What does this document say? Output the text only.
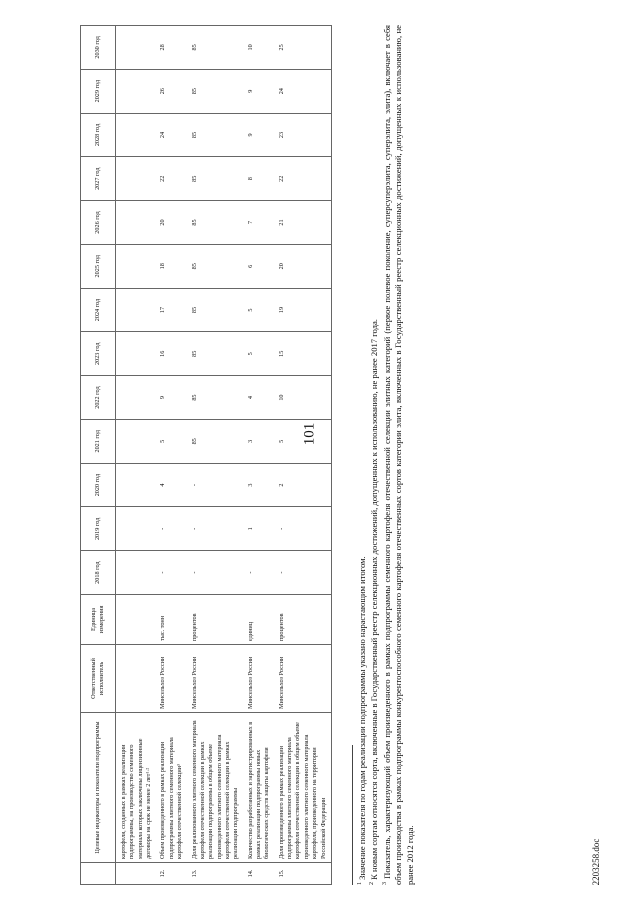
101
2203258.doc
	Целевые индикаторы и показатели подпрограммы	Ответственный исполнитель	Единица измерения	2018 год	2019 год	2020 год	2021 год	2022 год	2023 год	2024 год	2025 год	2026 год	2027 год	2028 год	2029 год	2030 год
	картофеля, созданных в рамках реализации подпрограммы, на производство семенного материала которых заключены лицензионные договоры на срок не менее 2 лет¹·²															
12.	Объем произведенного в рамках реализации подпрограммы элитного семенного материала картофеля отечественной селекции³	Минсельхоз России	тыс. тонн	-	-	4	5	9	16	17	18	20	22	24	26	28
13.	Доля реализованного элитного семенного материала картофеля отечественной селекции в рамках реализации подпрограммы в общем объеме произведенного элитного семенного материала картофеля отечественной селекции в рамках реализации подпрограммы	Минсельхоз России	процентов	-	-	-	85	85	85	85	85	85	85	85	85	85
14.	Количество разработанных и зарегистрированных в рамках реализации подпрограммы новых биологических средств защиты картофеля	Минсельхоз России	единиц	-	1	3	3	4	5	5	6	7	8	9	9	10
15.	Доля произведенного в рамках реализации подпрограммы элитного семенного материала картофеля отечественной селекции в общем объеме произведенного элитного семенного материала картофеля, произведенного на территории Российской Федерации	Минсельхоз России	процентов	-	-	2	5	10	15	19	20	21	22	23	24	25

$^1$ Значение показателя по годам реализации подпрограммы указано нарастающим итогом.

$^2$ К новым сортам относятся сорта, включенные в Государственный реестр селекционных достижений, допущенных к использованию, не ранее 2017 года.

$^3$ Показатель, характеризующий объем произведенного в рамках подпрограммы семенного картофеля отечественной селекции элитных категорий (первое полевое поколение, суперсуперэлита, суперэлита, элита), включает в себя объем производства в рамках подпрограммы конкурентоспособного семенного картофеля отечественных сортов категории элита, включенных в Государственный реестр селекционных достижений, допущенных к использованию, не ранее 2012 года.
